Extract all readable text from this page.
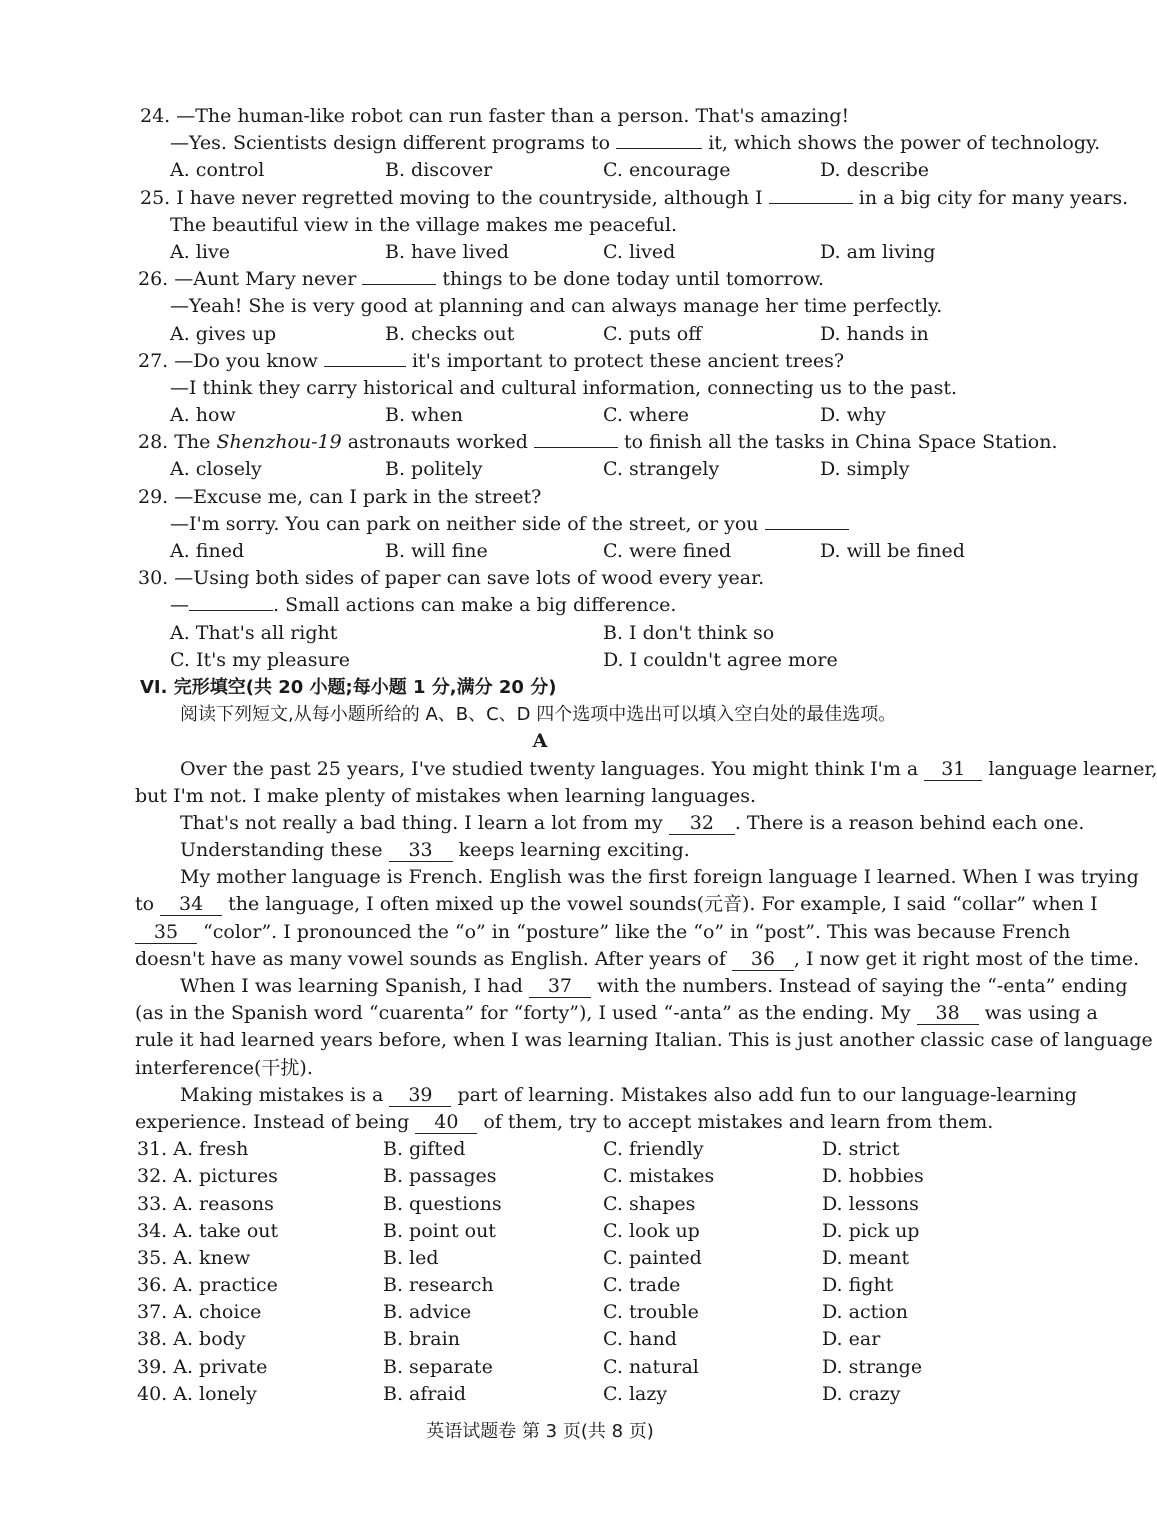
24. —The human-like robot can run faster than a person. That's amazing!
—Yes. Scientists design different programs to	it, which shows the power of technology.
A. control	B. discover	C. encourage	D. describe
25. I have never regretted moving to the countryside, although I	in a big city for many years.
The beautiful view in the village makes me peaceful.
A. live	B. have lived	C. lived	D. am living
26. —Aunt Mary never	things to be done today until tomorrow.
—Yeah! She is very good at planning and can always manage her time perfectly.
A. gives up	B. checks out	C. puts off	D. hands in
27. —Do you know	it's important to protect these ancient trees?
—I think they carry historical and cultural information, connecting us to the past.
A. how	B. when	C. where	D. why
28. The Shenzhou-19 astronauts worked	to finish all the tasks in China Space Station.
A. closely	B. politely	C. strangely	D. simply
29. —Excuse me, can I park in the street?
—I'm sorry. You can park on neither side of the street, or you
A. fined	B. will fine	C. were fined	D. will be fined
30. —Using both sides of paper can save lots of wood every year.
—	. Small actions can make a big difference.
A. That's all right	B. I don't think so
C. It's my pleasure	D. I couldn't agree more
VI. 完形填空(共 20 小题;每小题 1 分,满分 20 分)
阅读下列短文,从每小题所给的 A、B、C、D 四个选项中选出可以填入空白处的最佳选项。
A
Over the past 25 years, I've studied twenty languages. You might think I'm a 31 language learner,
but I'm not. I make plenty of mistakes when learning languages.
That's not really a bad thing. I learn a lot from my 32 . There is a reason behind each one.
Understanding these 33 keeps learning exciting.
My mother language is French. English was the first foreign language I learned. When I was trying
to 34 the language, I often mixed up the vowel sounds(元音). For example, I said “collar” when I
35 “color”. I pronounced the “o” in “posture” like the “o” in “post”. This was because French
doesn't have as many vowel sounds as English. After years of 36 , I now get it right most of the time.
When I was learning Spanish, I had 37 with the numbers. Instead of saying the “-enta” ending
(as in the Spanish word “cuarenta” for “forty”), I used “-anta” as the ending. My 38 was using a
rule it had learned years before, when I was learning Italian. This is just another classic case of language
interference(干扰).
Making mistakes is a 39 part of learning. Mistakes also add fun to our language-learning
experience. Instead of being 40 of them, try to accept mistakes and learn from them.
31. A. fresh	B. gifted	C. friendly	D. strict
32. A. pictures	B. passages	C. mistakes	D. hobbies
33. A. reasons	B. questions	C. shapes	D. lessons
34. A. take out	B. point out	C. look up	D. pick up
35. A. knew	B. led	C. painted	D. meant
36. A. practice	B. research	C. trade	D. fight
37. A. choice	B. advice	C. trouble	D. action
38. A. body	B. brain	C. hand	D. ear
39. A. private	B. separate	C. natural	D. strange
40. A. lonely	B. afraid	C. lazy	D. crazy
英语试题卷 第 3 页(共 8 页)
